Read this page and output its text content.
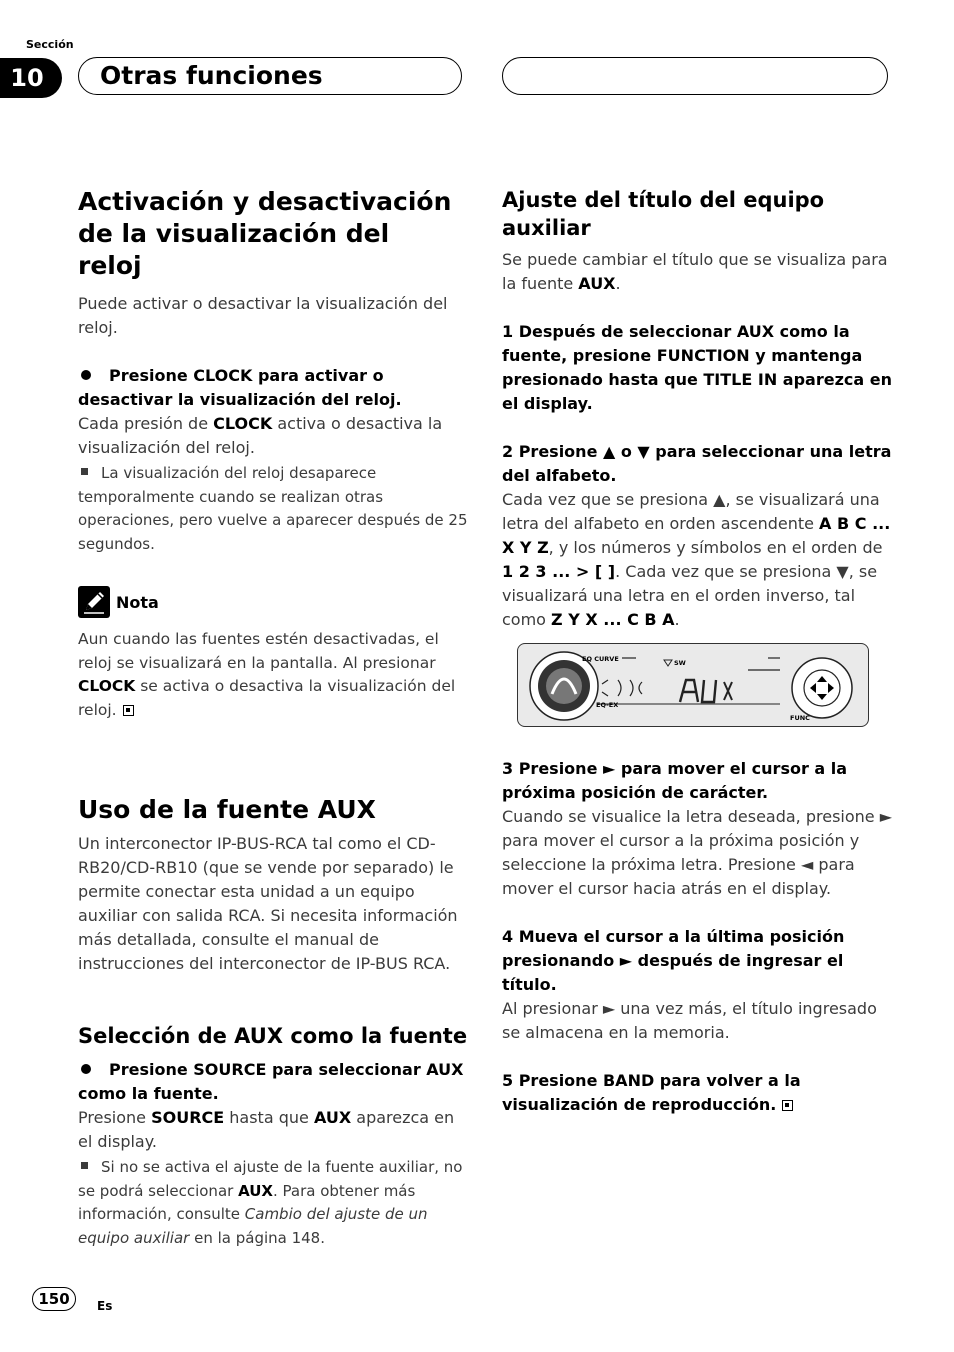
Sección
10	Otras funciones
Activación y desactivación de la visualización del reloj

Puede activar o desactivar la visualización del reloj.

Presione CLOCK para activar o desactivar la visualización del reloj.

Cada presión de CLOCK activa o desactiva la visualización del reloj.

La visualización del reloj desaparece temporalmente cuando se realizan otras operaciones, pero vuelve a aparecer después de 25 segundos.

Nota

Aun cuando las fuentes estén desactivadas, el reloj se visualizará en la pantalla. Al presionar CLOCK se activa o desactiva la visualización del reloj.

Uso de la fuente AUX

Un interconector IP-BUS-RCA tal como el CD-RB20/CD-RB10 (que se vende por separado) le permite conectar esta unidad a un equipo auxiliar con salida RCA. Si necesita información más detallada, consulte el manual de instrucciones del interconector de IP-BUS RCA.

Selección de AUX como la fuente

Presione SOURCE para seleccionar AUX como la fuente.

Presione SOURCE hasta que AUX aparezca en el display.

Si no se activa el ajuste de la fuente auxiliar, no se podrá seleccionar AUX. Para obtener más información, consulte Cambio del ajuste de un equipo auxiliar en la página 148.

Ajuste del título del equipo auxiliar

Se puede cambiar el título que se visualiza para la fuente AUX.

1 Después de seleccionar AUX como la fuente, presione FUNCTION y mantenga presionado hasta que TITLE IN aparezca en el display.

2 Presione ▲ o ▼ para seleccionar una letra del alfabeto.

Cada vez que se presiona ▲, se visualizará una letra del alfabeto en orden ascendente A B C ... X Y Z, y los números y símbolos en el orden de 1 2 3 ... > [ ]. Cada vez que se presiona ▼, se visualizará una letra en el orden inverso, tal como Z Y X ... C B A.

EQ CURVE	SW
EQ-EX
FUNC

3 Presione ► para mover el cursor a la próxima posición de carácter.

Cuando se visualice la letra deseada, presione ► para mover el cursor a la próxima posición y seleccione la próxima letra. Presione ◄ para mover el cursor hacia atrás en el display.

4 Mueva el cursor a la última posición presionando ► después de ingresar el título.

Al presionar ► una vez más, el título ingresado se almacena en la memoria.

5 Presione BAND para volver a la visualización de reproducción.

150	Es
